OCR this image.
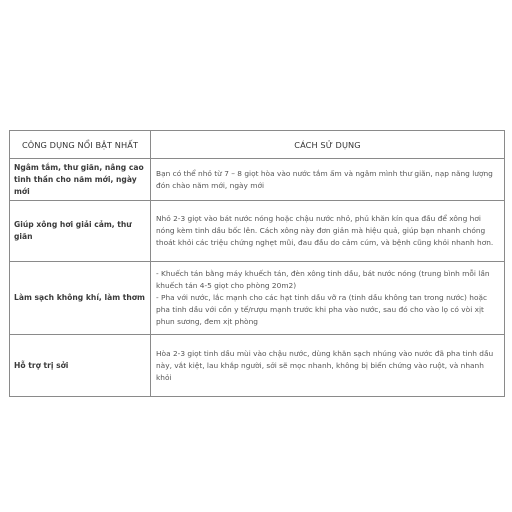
CÔNG DỤNG NỔI BẬT NHẤT	CÁCH SỬ DỤNG
Ngâm tắm, thư giãn, nâng cao tinh thần cho năm mới, ngày mới	Bạn có thể nhỏ từ 7 – 8 giọt hòa vào nước tắm ấm và ngâm mình thư giãn, nạp năng lượng đón chào năm mới, ngày mới

Giúp xông hơi giải cảm, thư giãn	Nhỏ 2-3 giọt vào bát nước nóng hoặc chậu nước nhỏ, phủ khăn kín qua đầu để xông hơi nóng kèm tinh dầu bốc lên. Cách xông này đơn giản mà hiệu quả, giúp bạn nhanh chóng thoát khỏi các triệu chứng nghẹt mũi, đau đầu do cảm cúm, và bệnh cũng khỏi nhanh hơn.

Làm sạch không khí, làm thơm	- Khuếch tán bằng máy khuếch tán, đèn xông tinh dầu, bát nước nóng (trung bình mỗi lần khuếch tán 4-5 giọt cho phòng 20m2)
- Pha với nước, lắc mạnh cho các hạt tinh dầu vỡ ra (tinh dầu không tan trong nước) hoặc pha tinh dầu với cồn y tế/rượu mạnh trước khi pha vào nước, sau đó cho vào lọ có vòi xịt phun sương, đem xịt phòng

Hỗ trợ trị sởi	Hòa 2-3 giọt tinh dầu mùi vào chậu nước, dùng khăn sạch nhúng vào nước đã pha tinh dầu này, vắt kiệt, lau khắp người, sởi sẽ mọc nhanh, không bị biến chứng vào ruột, và nhanh khỏi
